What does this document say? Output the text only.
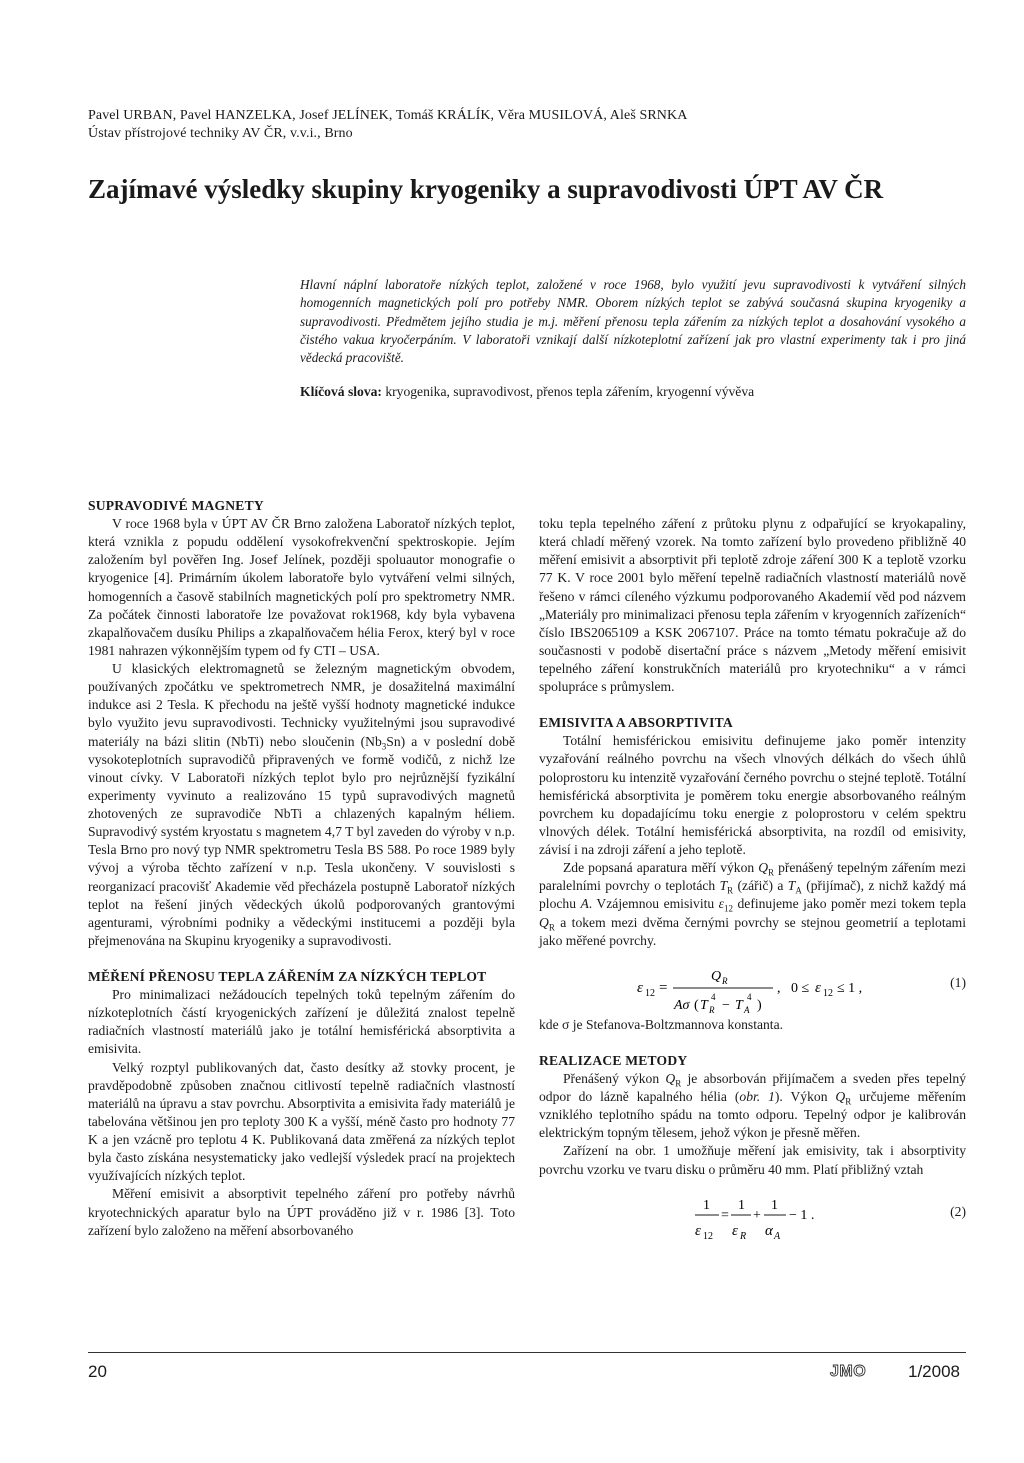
Pavel URBAN, Pavel HANZELKA, Josef JELÍNEK, Tomáš KRÁLÍK, Věra MUSILOVÁ, Aleš SRNKA
Ústav přístrojové techniky AV ČR, v.v.i., Brno
Zajímavé výsledky skupiny kryogeniky a supravodivosti ÚPT AV ČR

Hlavní náplní laboratoře nízkých teplot, založené v roce 1968, bylo využití jevu supravodivosti k vytváření silných homogenních magnetických polí pro potřeby NMR. Oborem nízkých teplot se zabývá současná skupina kryogeniky a supravodivosti. Předmětem jejího studia je m.j. měření přenosu tepla zářením za nízkých teplot a dosahování vysokého a čistého vakua kryočerpáním. V laboratoři vznikají další nízkoteplotní zařízení jak pro vlastní experimenty tak i pro jiná vědecká pracoviště.

Klíčová slova: kryogenika, supravodivost, přenos tepla zářením, kryogenní vývěva
SUPRAVODIVÉ MAGNETY

V roce 1968 byla v ÚPT AV ČR Brno založena Laboratoř nízkých teplot, která vznikla z popudu oddělení vysokofrekvenční spektroskopie. Jejím založením byl pověřen Ing. Josef Jelínek, později spoluautor monografie o kryogenice [4]. Primárním úkolem laboratoře bylo vytváření velmi silných, homogenních a časově stabilních magnetických polí pro spektrometry NMR. Za počátek činnosti laboratoře lze považovat rok1968, kdy byla vybavena zkapalňovačem dusíku Philips a zkapalňovačem hélia Ferox, který byl v roce 1981 nahrazen výkonnějším typem od fy CTI – USA.

U klasických elektromagnetů se železným magnetickým obvodem, používaných zpočátku ve spektrometrech NMR, je dosažitelná maximální indukce asi 2 Tesla. K přechodu na ještě vyšší hodnoty magnetické indukce bylo využito jevu supravodivosti. Technicky využitelnými jsou supravodivé materiály na bázi slitin (NbTi) nebo sloučenin $(Nb_3Sn)$ a v poslední době vysokoteplotních supravodičů připravených ve formě vodičů, z nichž lze vinout cívky. V Laboratoři nízkých teplot bylo pro nejrůznější fyzikální experimenty vyvinuto a realizováno 15 typů supravodivých magnetů zhotovených ze supravodiče NbTi a chlazených kapalným héliem. Supravodivý systém kryostatu s magnetem 4,7 T byl zaveden do výroby v n.p. Tesla Brno pro nový typ NMR spektrometru Tesla BS 588. Po roce 1989 byly vývoj a výroba těchto zařízení v n.p. Tesla ukončeny. V souvislosti s reorganizací pracovišť Akademie věd přecházela postupně Laboratoř nízkých teplot na řešení jiných vědeckých úkolů podporovaných grantovými agenturami, výrobními podniky a vědeckými institucemi a později byla přejmenována na Skupinu kryogeniky a supravodivosti.

MĚŘENÍ PŘENOSU TEPLA ZÁŘENÍM ZA NÍZKÝCH TEPLOT

Pro minimalizaci nežádoucích tepelných toků tepelným zářením do nízkoteplotních částí kryogenických zařízení je důležitá znalost tepelně radiačních vlastností materiálů jako je totální hemisférická absorptivita a emisivita.

Velký rozptyl publikovaných dat, často desítky až stovky procent, je pravděpodobně způsoben značnou citlivostí tepelně radiačních vlastností materiálů na úpravu a stav povrchu. Absorptivita a emisivita řady materiálů je tabelována většinou jen pro teploty 300 K a vyšší, méně často pro hodnoty 77 K a jen vzácně pro teplotu 4 K. Publikovaná data změřená za nízkých teplot byla často získána nesystematicky jako vedlejší výsledek prací na projektech využívajících nízkých teplot.

Měření emisivit a absorptivit tepelného záření pro potřeby návrhů kryotechnických aparatur bylo na ÚPT prováděno již v r. 1986 [3]. Toto zařízení bylo založeno na měření absorbovaného

toku tepla tepelného záření z průtoku plynu z odpařující se kryokapaliny, která chladí měřený vzorek. Na tomto zařízení bylo provedeno přibližně 40 měření emisivit a absorptivit při teplotě zdroje záření 300 K a teplotě vzorku 77 K. V roce 2001 bylo měření tepelně radiačních vlastností materiálů nově řešeno v rámci cíleného výzkumu podporovaného Akademií věd pod názvem „Materiály pro minimalizaci přenosu tepla zářením v kryogenních zařízeních“ číslo IBS2065109 a KSK 2067107. Práce na tomto tématu pokračuje až do současnosti v podobě disertační práce s názvem „Metody měření emisivit tepelného záření konstrukčních materiálů pro kryotechniku“ a v rámci spolupráce s průmyslem.

EMISIVITA A ABSORPTIVITA

Totální hemisférickou emisivitu definujeme jako poměr intenzity vyzařování reálného povrchu na všech vlnových délkách do všech úhlů poloprostoru ku intenzitě vyzařování černého povrchu o stejné teplotě. Totální hemisférická absorptivita je poměrem toku energie absorbovaného reálným povrchem ku dopadajícímu toku energie z poloprostoru v celém spektru vlnových délek. Totální hemisférická absorptivita, na rozdíl od emisivity, závisí i na zdroji záření a jeho teplotě.

Zde popsaná aparatura měří výkon $Q_R$ přenášený tepelným zářením mezi paralelními povrchy o teplotách $T_R$ (zářič) a $T_A$ (přijímač), z nichž každý má plochu A. Vzájemnou emisivitu $\varepsilon_{12}$ definujeme jako poměr mezi tokem tepla $Q_R$ a tokem mezi dvěma černými povrchy se stejnou geometrií a teplotami jako měřené povrchy.

ε 12 =
Q R
Aσ ( T R
4
− T A
4
)
, 0 ≤ ε 12 ≤ 1 ,	(1)

kde σ je Stefanova-Boltzmannova konstanta.

REALIZACE METODY

Přenášený výkon $Q_R$ je absorbován přijímačem a sveden přes tepelný odpor do lázně kapalného hélia (obr. 1). Výkon $Q_R$ určujeme měřením vzniklého teplotního spádu na tomto odporu. Tepelný odpor je kalibrován elektrickým topným tělesem, jehož výkon je přesně měřen.

Zařízení na obr. 1 umožňuje měření jak emisivity, tak i absorptivity povrchu vzorku ve tvaru disku o průměru 40 mm. Platí přibližný vztah

1
ε 12
=
1
ε R
+
1
α A
− 1 .	(2)
20	JMO 1/2008
